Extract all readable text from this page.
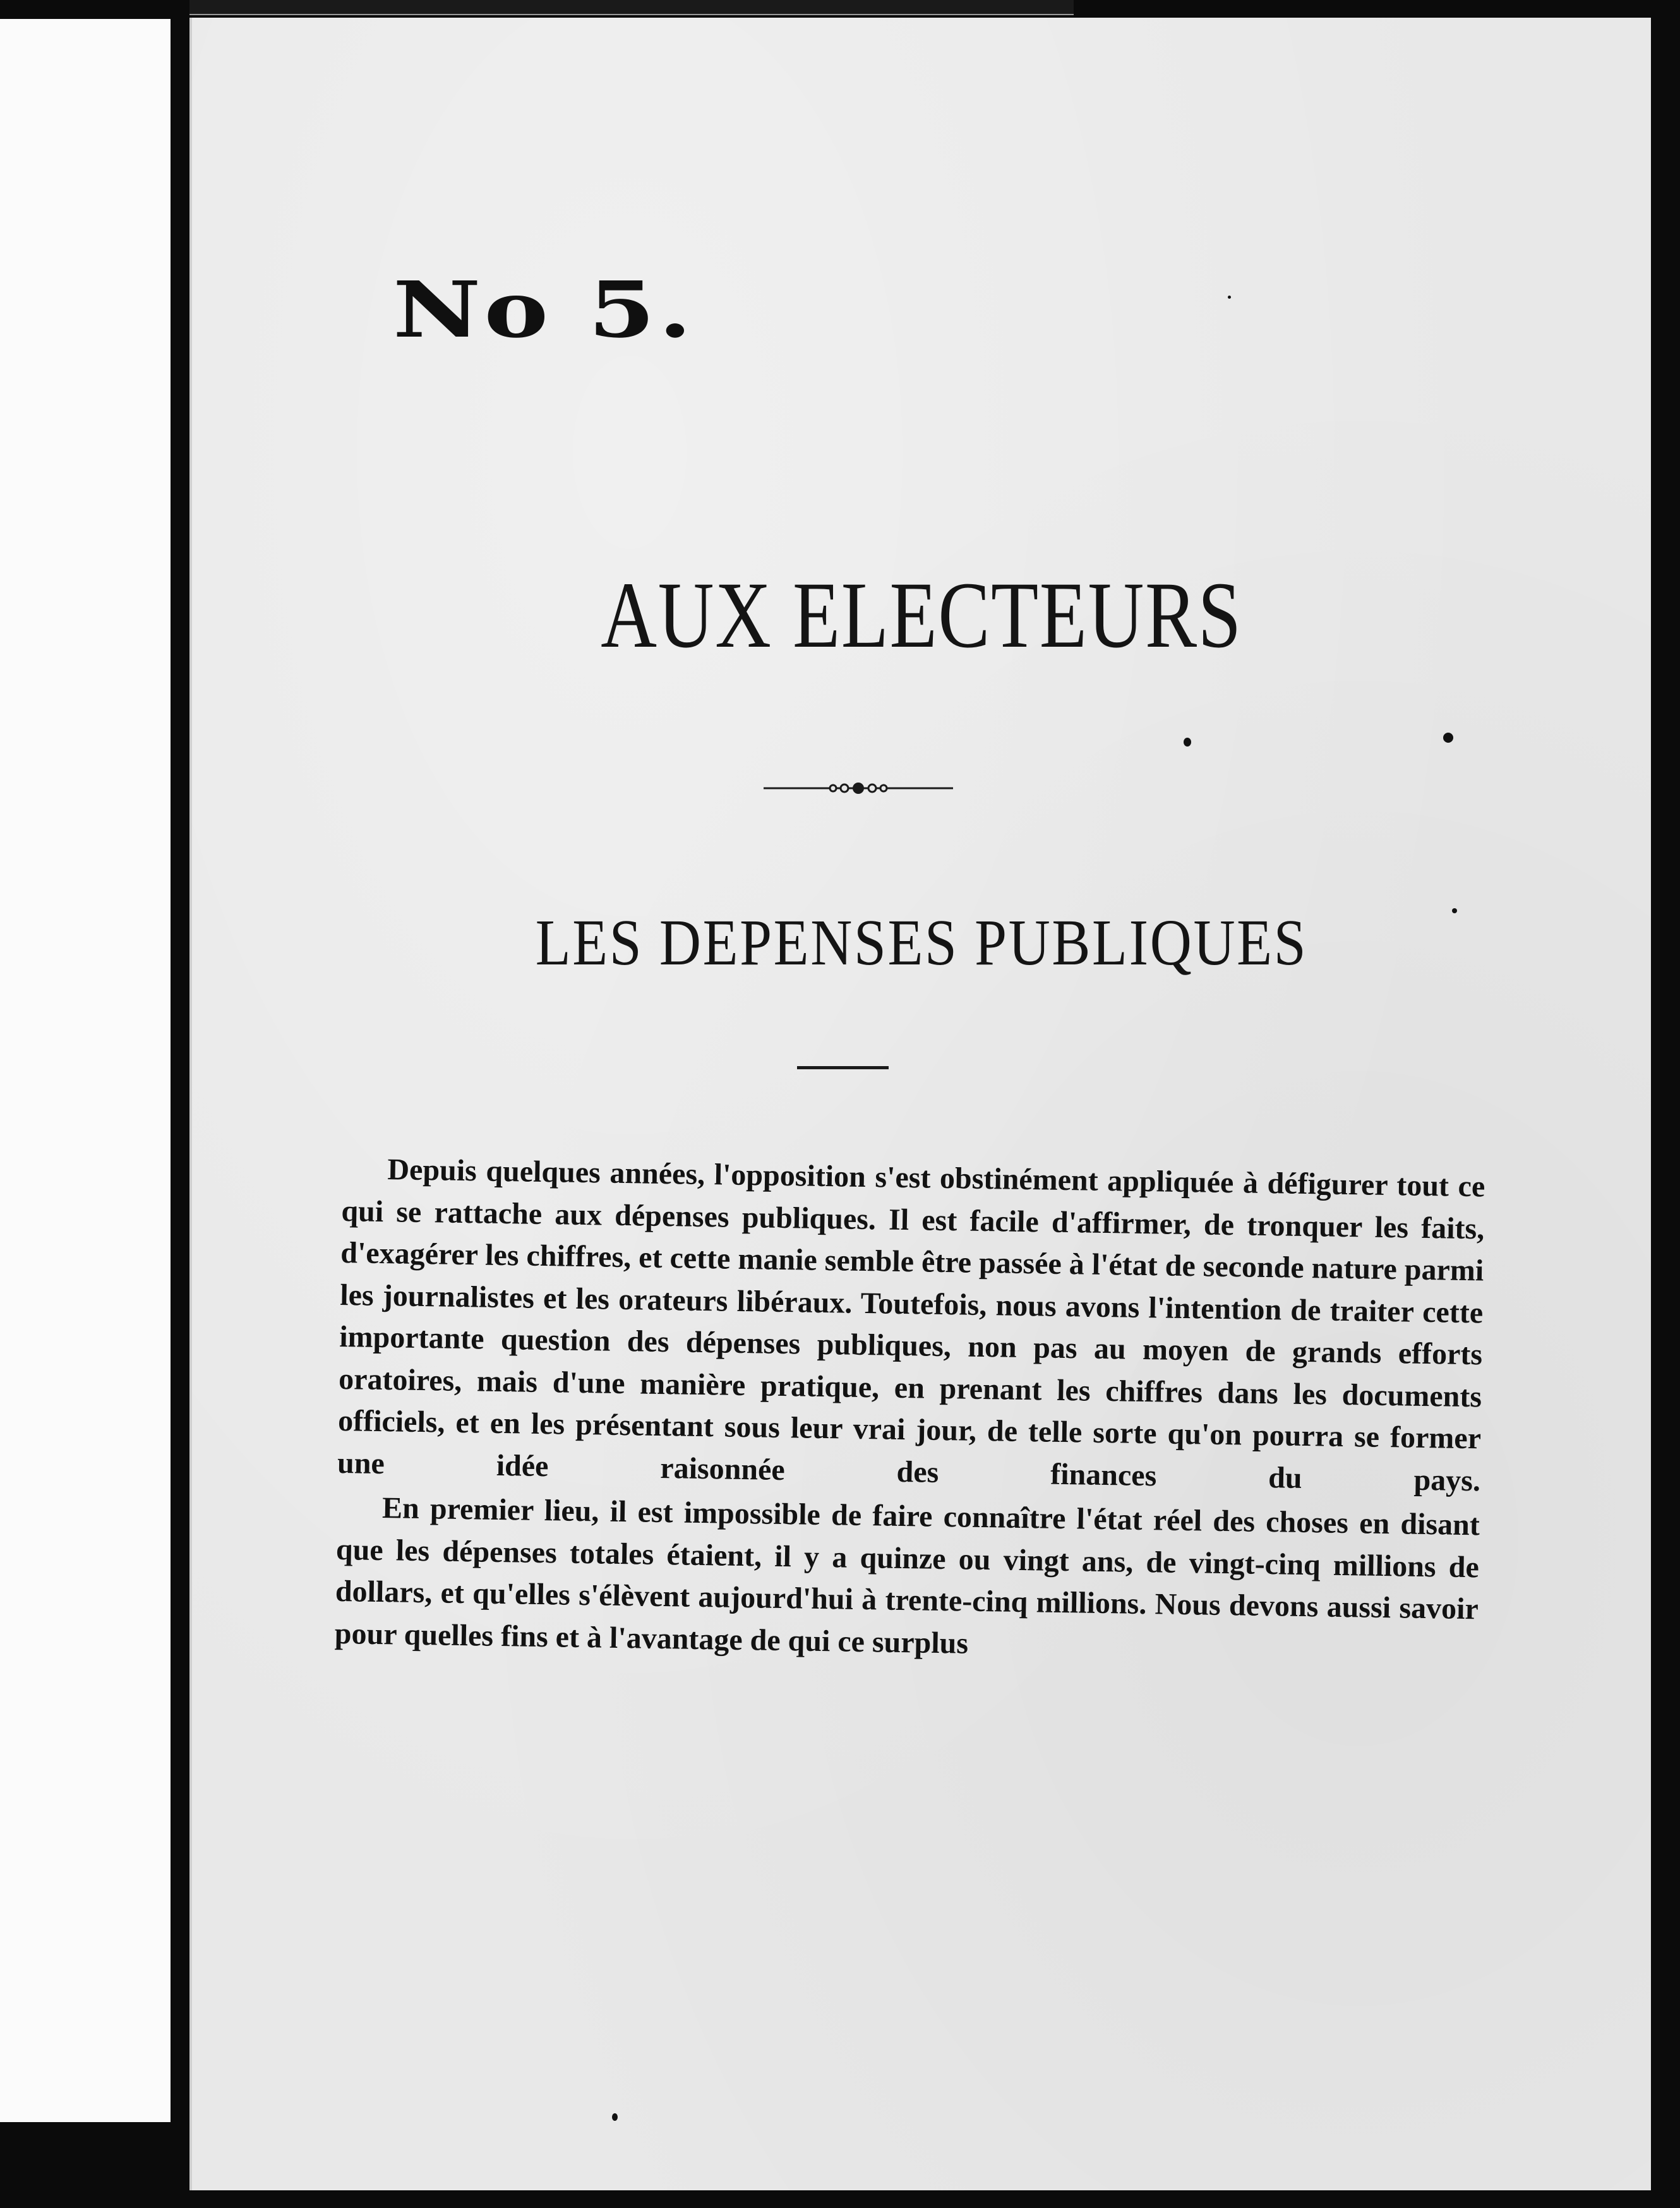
No 5.
AUX ELECTEURS
LES DEPENSES PUBLIQUES

Depuis quelques années, l'opposition s'est obstinément appliquée à défigurer tout ce qui se rattache aux dépenses publiques. Il est facile d'affirmer, de tronquer les faits, d'exagérer les chiffres, et cette manie semble être passée à l'état de seconde nature parmi les journalistes et les orateurs libéraux. Toutefois, nous avons l'intention de traiter cette importante question des dépenses publiques, non pas au moyen de grands efforts oratoires, mais d'une manière pratique, en prenant les chiffres dans les documents officiels, et en les présentant sous leur vrai jour, de telle sorte qu'on pourra se former une idée raisonnée des finances du pays.

En premier lieu, il est impossible de faire connaître l'état réel des choses en disant que les dépenses totales étaient, il y a quinze ou vingt ans, de vingt-cinq millions de dollars, et qu'elles s'élèvent aujourd'hui à trente-cinq millions. Nous devons aussi savoir pour quelles fins et à l'avantage de qui ce surplus
